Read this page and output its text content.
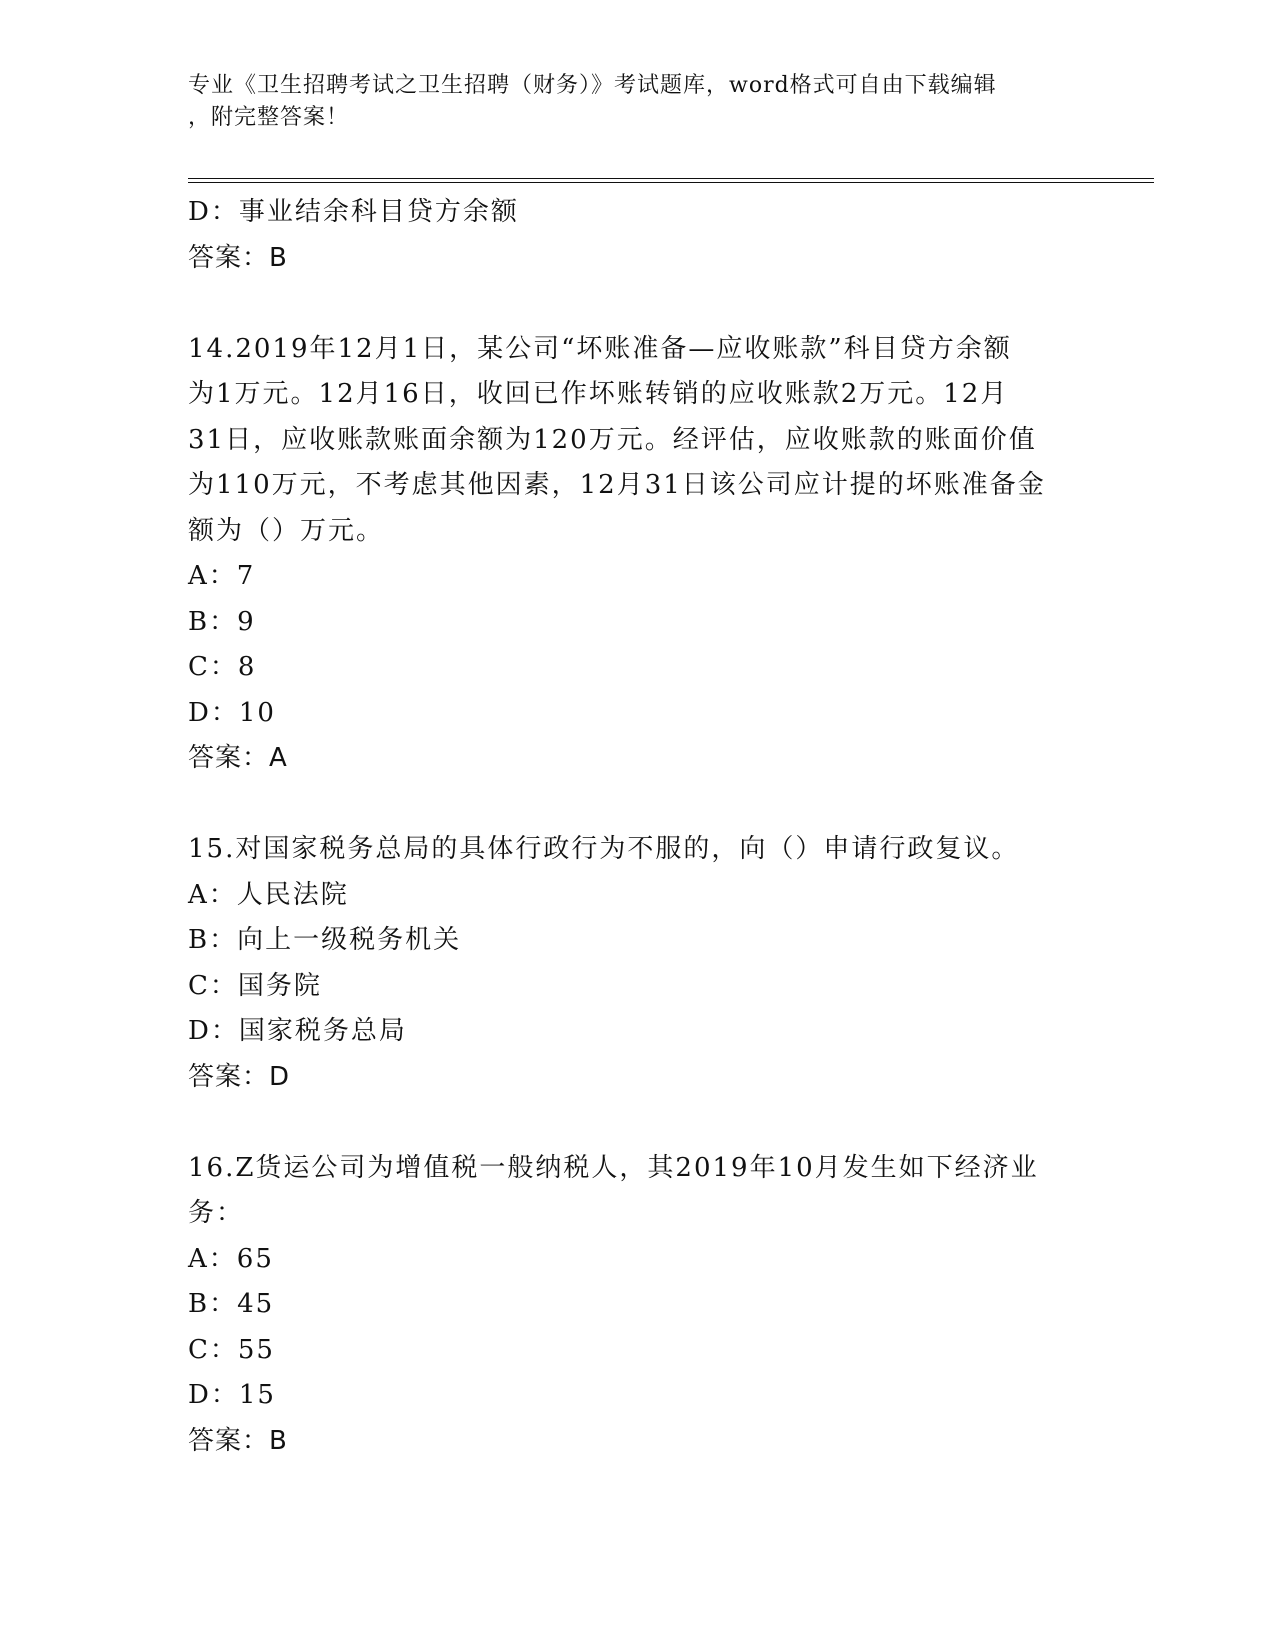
专业《卫生招聘考试之卫生招聘（财务）》考试题库，word格式可自由下载编辑
，附完整答案！
D：事业结余科目贷方余额
答案：B
14.2019年12月1日，某公司“坏账准备—应收账款”科目贷方余额
为1万元。12月16日，收回已作坏账转销的应收账款2万元。12月
31日，应收账款账面余额为120万元。经评估，应收账款的账面价值
为110万元，不考虑其他因素，12月31日该公司应计提的坏账准备金
额为（）万元。
A：7
B：9
C：8
D：10
答案：A
15.对国家税务总局的具体行政行为不服的，向（）申请行政复议。
A：人民法院
B：向上一级税务机关
C：国务院
D：国家税务总局
答案：D
16.Z货运公司为增值税一般纳税人，其2019年10月发生如下经济业
务：
A：65
B：45
C：55
D：15
答案：B
